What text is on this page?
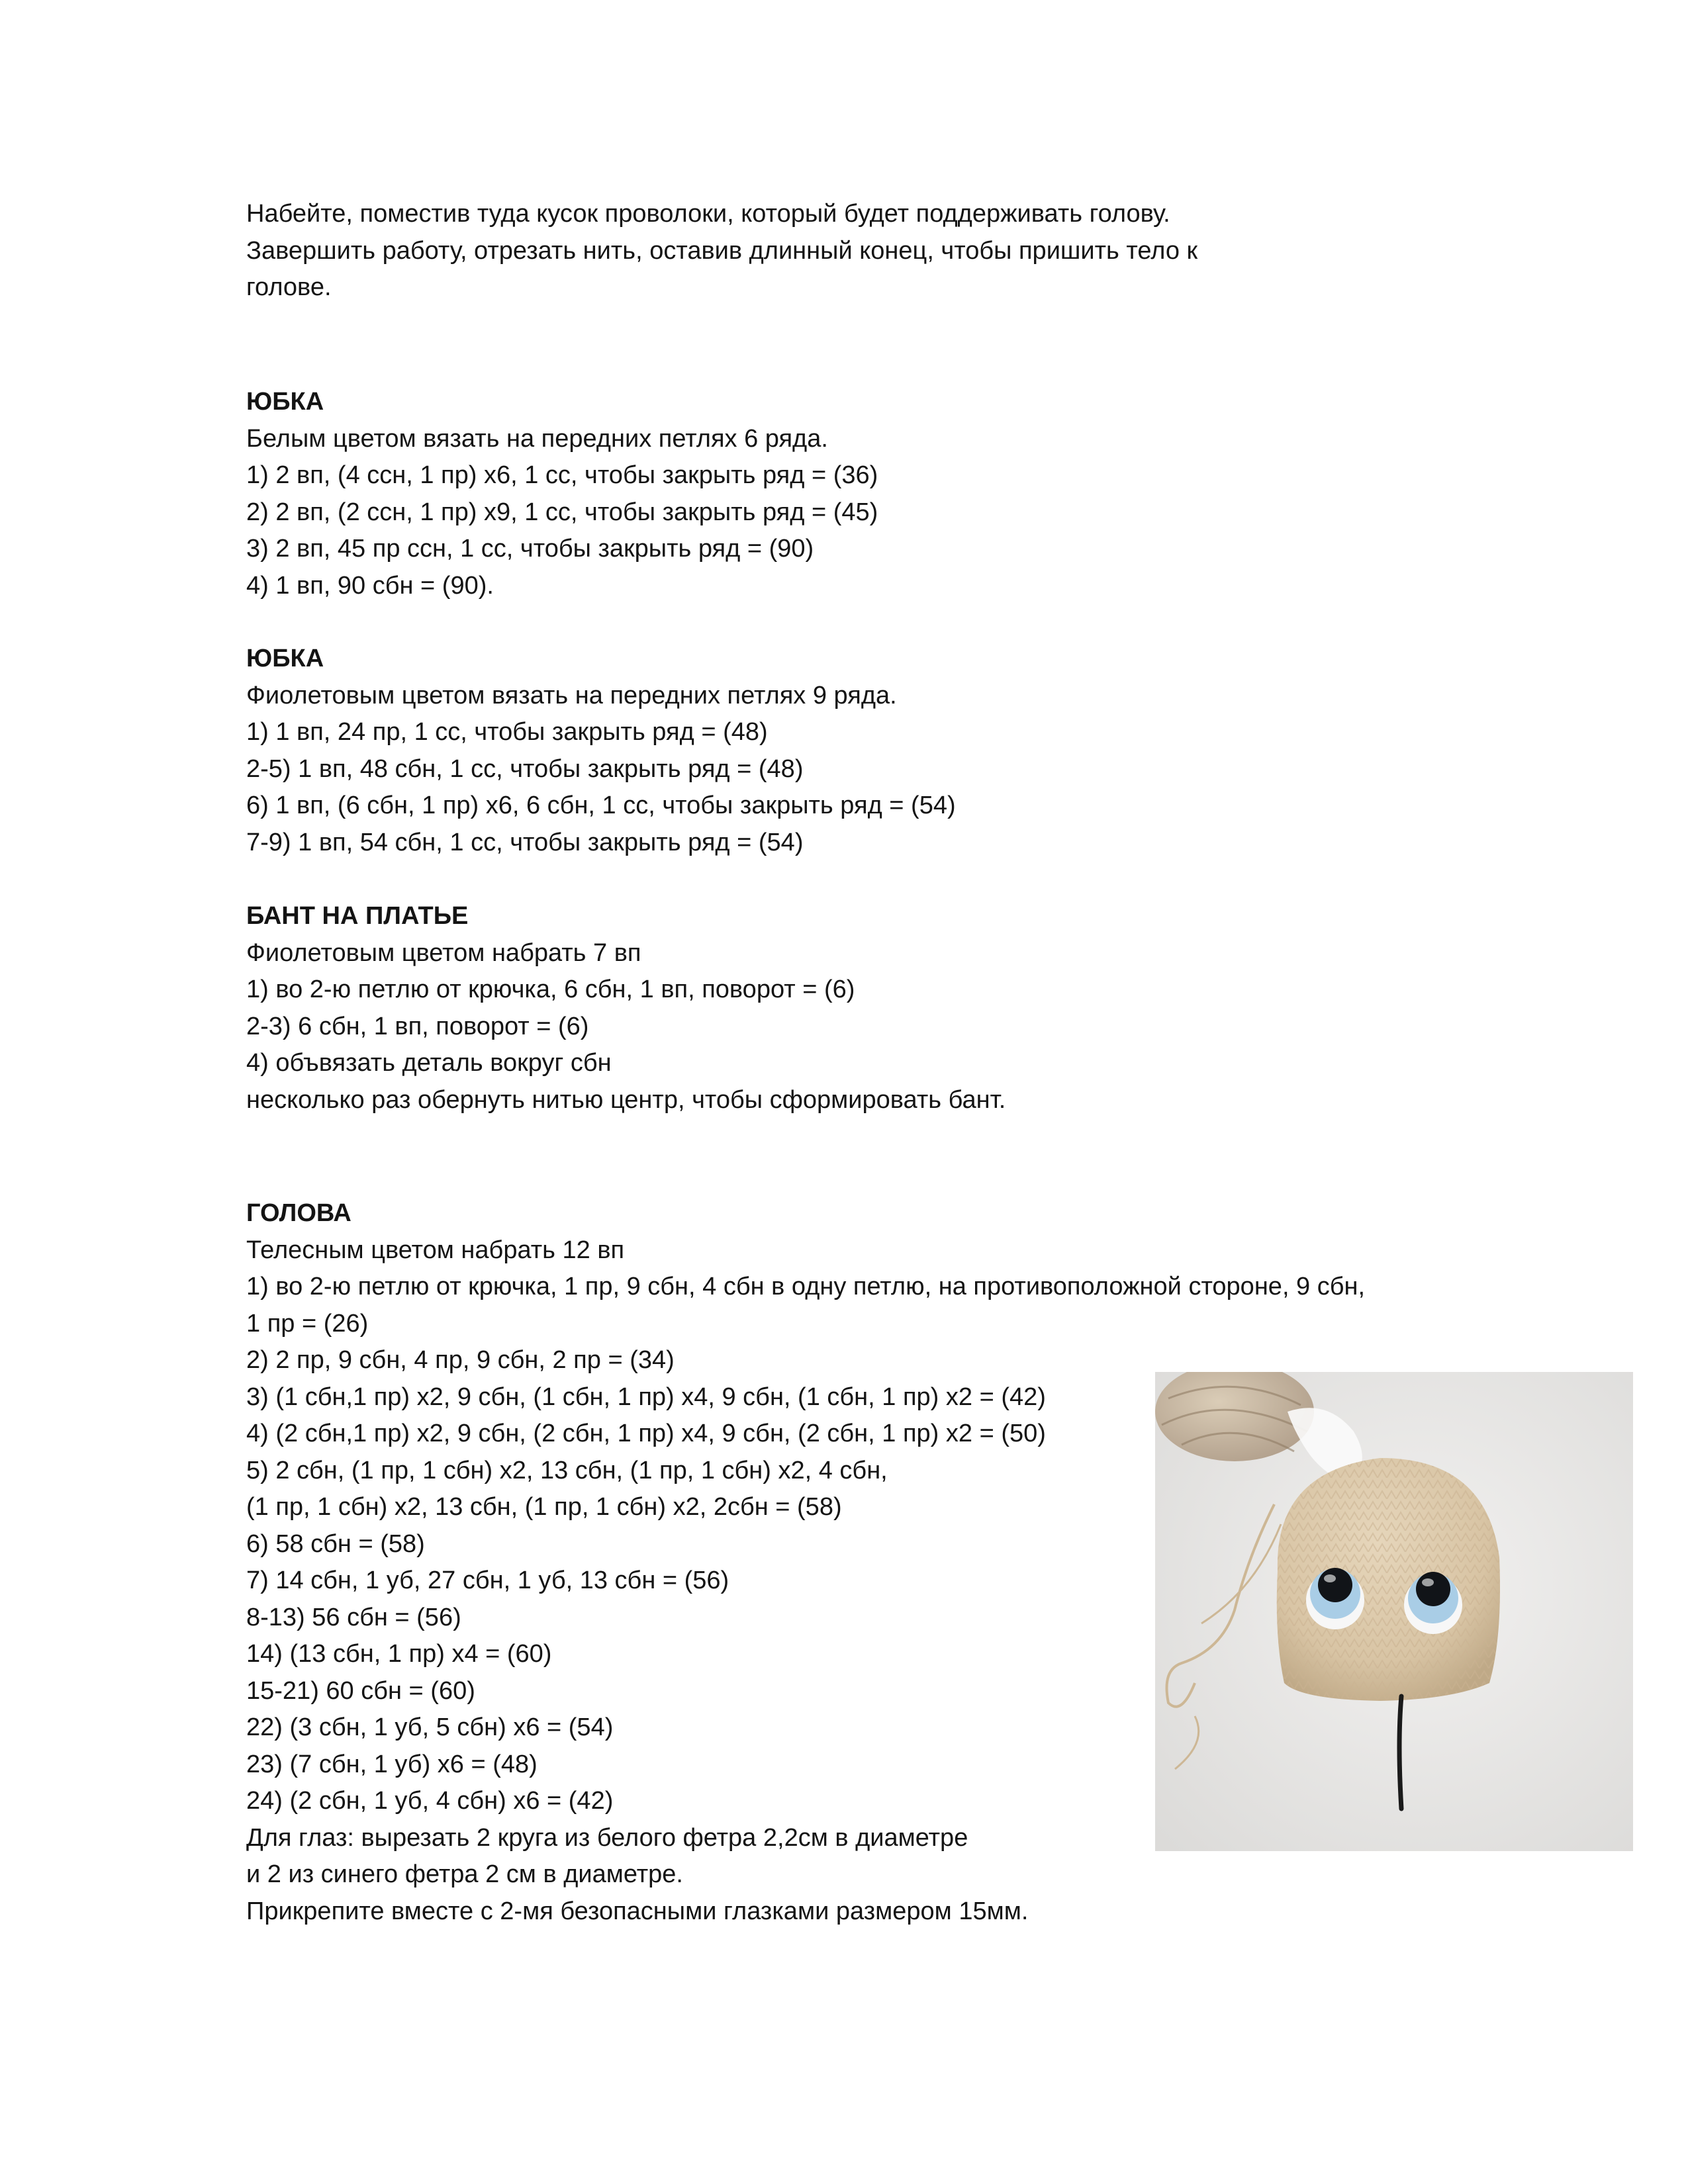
Набейте, поместив туда кусок проволоки, который будет поддерживать голову.
Завершить работу, отрезать нить, оставив длинный конец, чтобы пришить тело к
голове.
ЮБКА
Белым цветом вязать на передних петлях 6 ряда.
1) 2 вп, (4 ссн, 1 пр) x6, 1 сс, чтобы закрыть ряд = (36)
2) 2 вп, (2 ссн, 1 пр) x9, 1 сс, чтобы закрыть ряд = (45)
3) 2 вп, 45 пр ссн, 1 сс, чтобы закрыть ряд = (90)
4) 1 вп, 90 сбн = (90).
ЮБКА
Фиолетовым цветом вязать на передних петлях 9 ряда.
1) 1 вп, 24 пр, 1 сс, чтобы закрыть ряд = (48)
2-5) 1 вп, 48 сбн, 1 сс, чтобы закрыть ряд = (48)
6) 1 вп, (6 сбн, 1 пр) x6, 6 сбн, 1 сс, чтобы закрыть ряд = (54)
7-9) 1 вп, 54 сбн, 1 сс, чтобы закрыть ряд = (54)
БАНТ НА ПЛАТЬЕ
Фиолетовым цветом набрать 7 вп
1) во 2-ю петлю от крючка, 6 сбн, 1 вп, поворот = (6)
2-3) 6 сбн, 1 вп, поворот = (6)
4) объвязать деталь вокруг сбн
несколько раз обернуть нитью центр, чтобы сформировать бант.
ГОЛОВА
Телесным цветом набрать 12 вп
1) во 2-ю петлю от крючка, 1 пр, 9 сбн, 4 сбн в одну петлю, на противоположной стороне, 9 сбн,
1 пр = (26)
2) 2 пр, 9 сбн, 4 пр, 9 сбн, 2 пр = (34)
3) (1 сбн,1 пр) x2, 9 сбн, (1 сбн, 1 пр) x4, 9 сбн, (1 сбн, 1 пр) x2 = (42)
4) (2 сбн,1 пр) x2, 9 сбн, (2 сбн, 1 пр) x4, 9 сбн, (2 сбн, 1 пр) x2 = (50)
5) 2 сбн, (1 пр, 1 сбн) x2, 13 сбн, (1 пр, 1 сбн) x2, 4 сбн,
(1 пр, 1 сбн) x2, 13 сбн, (1 пр, 1 сбн) x2, 2сбн = (58)
6) 58 сбн = (58)
7) 14 сбн, 1 уб, 27 сбн, 1 уб, 13 сбн = (56)
8-13) 56 сбн = (56)
14) (13 сбн, 1 пр) x4 = (60)
15-21) 60 сбн = (60)
22) (3 сбн, 1 уб, 5 сбн) x6 = (54)
23) (7 сбн, 1 уб) x6 = (48)
24) (2 сбн, 1 уб, 4 сбн) x6 = (42)
Для глаз: вырезать 2 круга из белого фетра 2,2см в диаметре
и 2 из синего фетра 2 см в диаметре.
Прикрепите вместе с 2-мя безопасными глазками размером 15мм.
